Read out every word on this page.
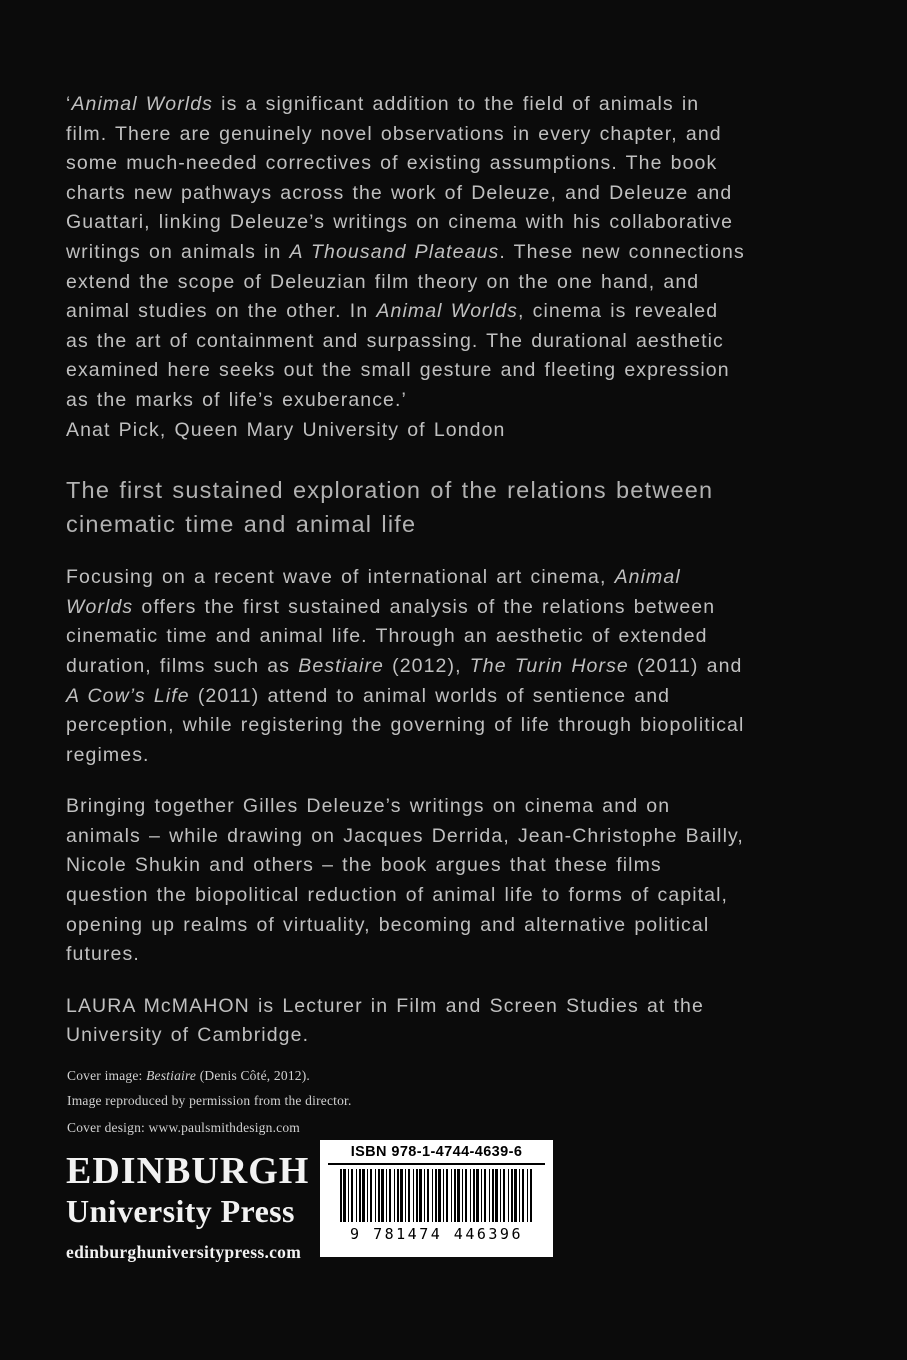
‘Animal Worlds is a significant addition to the field of animals in film. There are genuinely novel observations in every chapter, and some much-needed correctives of existing assumptions. The book charts new pathways across the work of Deleuze, and Deleuze and Guattari, linking Deleuze’s writings on cinema with his collaborative writings on animals in A Thousand Plateaus. These new connections extend the scope of Deleuzian film theory on the one hand, and animal studies on the other. In Animal Worlds, cinema is revealed as the art of containment and surpassing. The durational aesthetic examined here seeks out the small gesture and fleeting expression as the marks of life’s exuberance.’

Anat Pick, Queen Mary University of London

The first sustained exploration of the relations between cinematic time and animal life

Focusing on a recent wave of international art cinema, Animal Worlds offers the first sustained analysis of the relations between cinematic time and animal life. Through an aesthetic of extended duration, films such as Bestiaire (2012), The Turin Horse (2011) and A Cow’s Life (2011) attend to animal worlds of sentience and perception, while registering the governing of life through biopolitical regimes.

Bringing together Gilles Deleuze’s writings on cinema and on animals – while drawing on Jacques Derrida, Jean-Christophe Bailly, Nicole Shukin and others – the book argues that these films question the biopolitical reduction of animal life to forms of capital, opening up realms of virtuality, becoming and alternative political futures.

LAURA McMAHON is Lecturer in Film and Screen Studies at the University of Cambridge.

Cover image: Bestiaire (Denis Côté, 2012).

Image reproduced by permission from the director.

Cover design: www.paulsmithdesign.com

EDINBURGH
University Press
edinburghuniversitypress.com
ISBN 978-1-4744-4639-6
9 781474 446396
